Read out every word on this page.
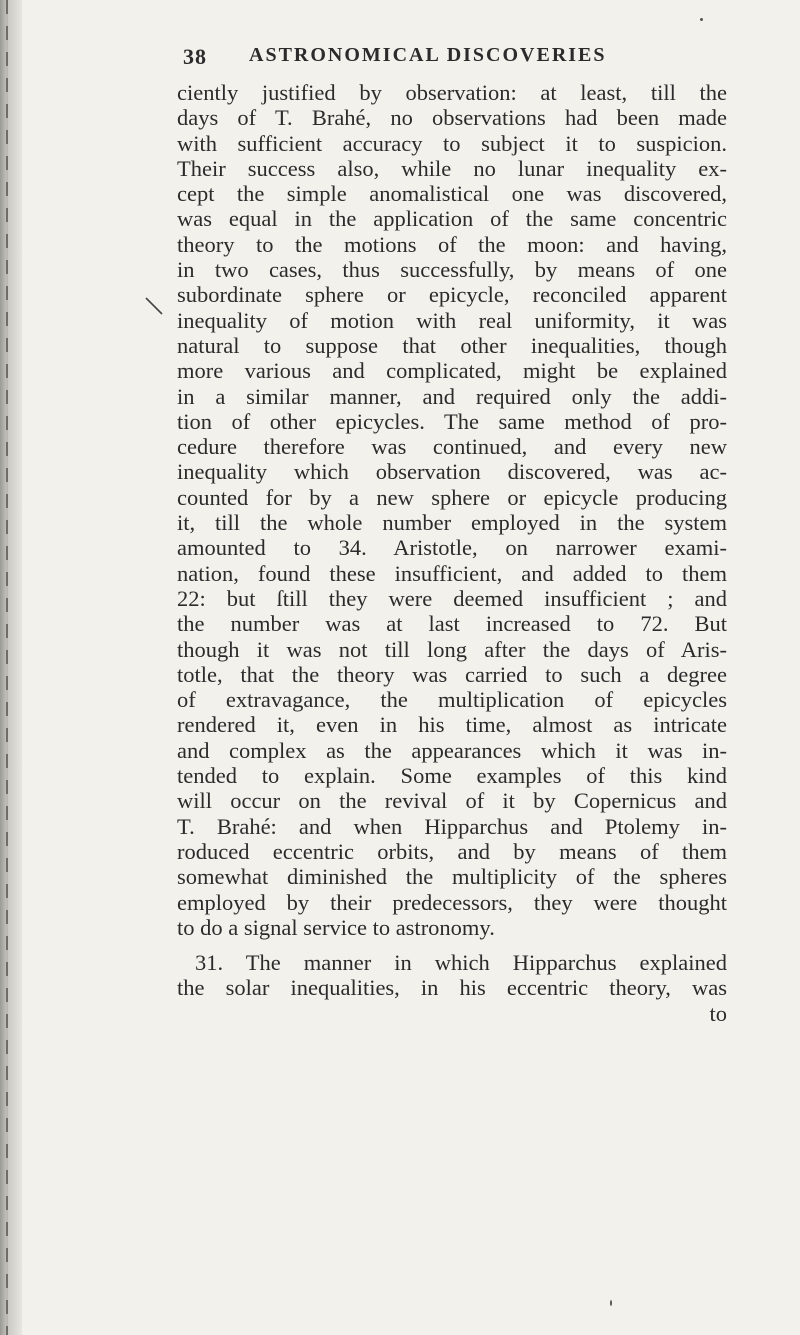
38 ASTRONOMICAL DISCOVERIES
ciently justified by observation: at least, till the
days of T. Brahé, no observations had been made
with sufficient accuracy to subject it to suspicion.
Their success also, while no lunar inequality ex-
cept the simple anomalistical one was discovered,
was equal in the application of the same concentric
theory to the motions of the moon: and having,
in two cases, thus successfully, by means of one
subordinate sphere or epicycle, reconciled apparent
inequality of motion with real uniformity, it was
natural to suppose that other inequalities, though
more various and complicated, might be explained
in a similar manner, and required only the addi-
tion of other epicycles. The same method of pro-
cedure therefore was continued, and every new
inequality which observation discovered, was ac-
counted for by a new sphere or epicycle producing
it, till the whole number employed in the system
amounted to 34. Aristotle, on narrower exami-
nation, found these insufficient, and added to them
22: but ſtill they were deemed insufficient ; and
the number was at last increased to 72. But
though it was not till long after the days of Aris-
totle, that the theory was carried to such a degree
of extravagance, the multiplication of epicycles
rendered it, even in his time, almost as intricate
and complex as the appearances which it was in-
tended to explain. Some examples of this kind
will occur on the revival of it by Copernicus and
T. Brahé: and when Hipparchus and Ptolemy in-
roduced eccentric orbits, and by means of them
somewhat diminished the multiplicity of the spheres
employed by their predecessors, they were thought
to do a signal service to astronomy.
31. The manner in which Hipparchus explained
the solar inequalities, in his eccentric theory, was
to
